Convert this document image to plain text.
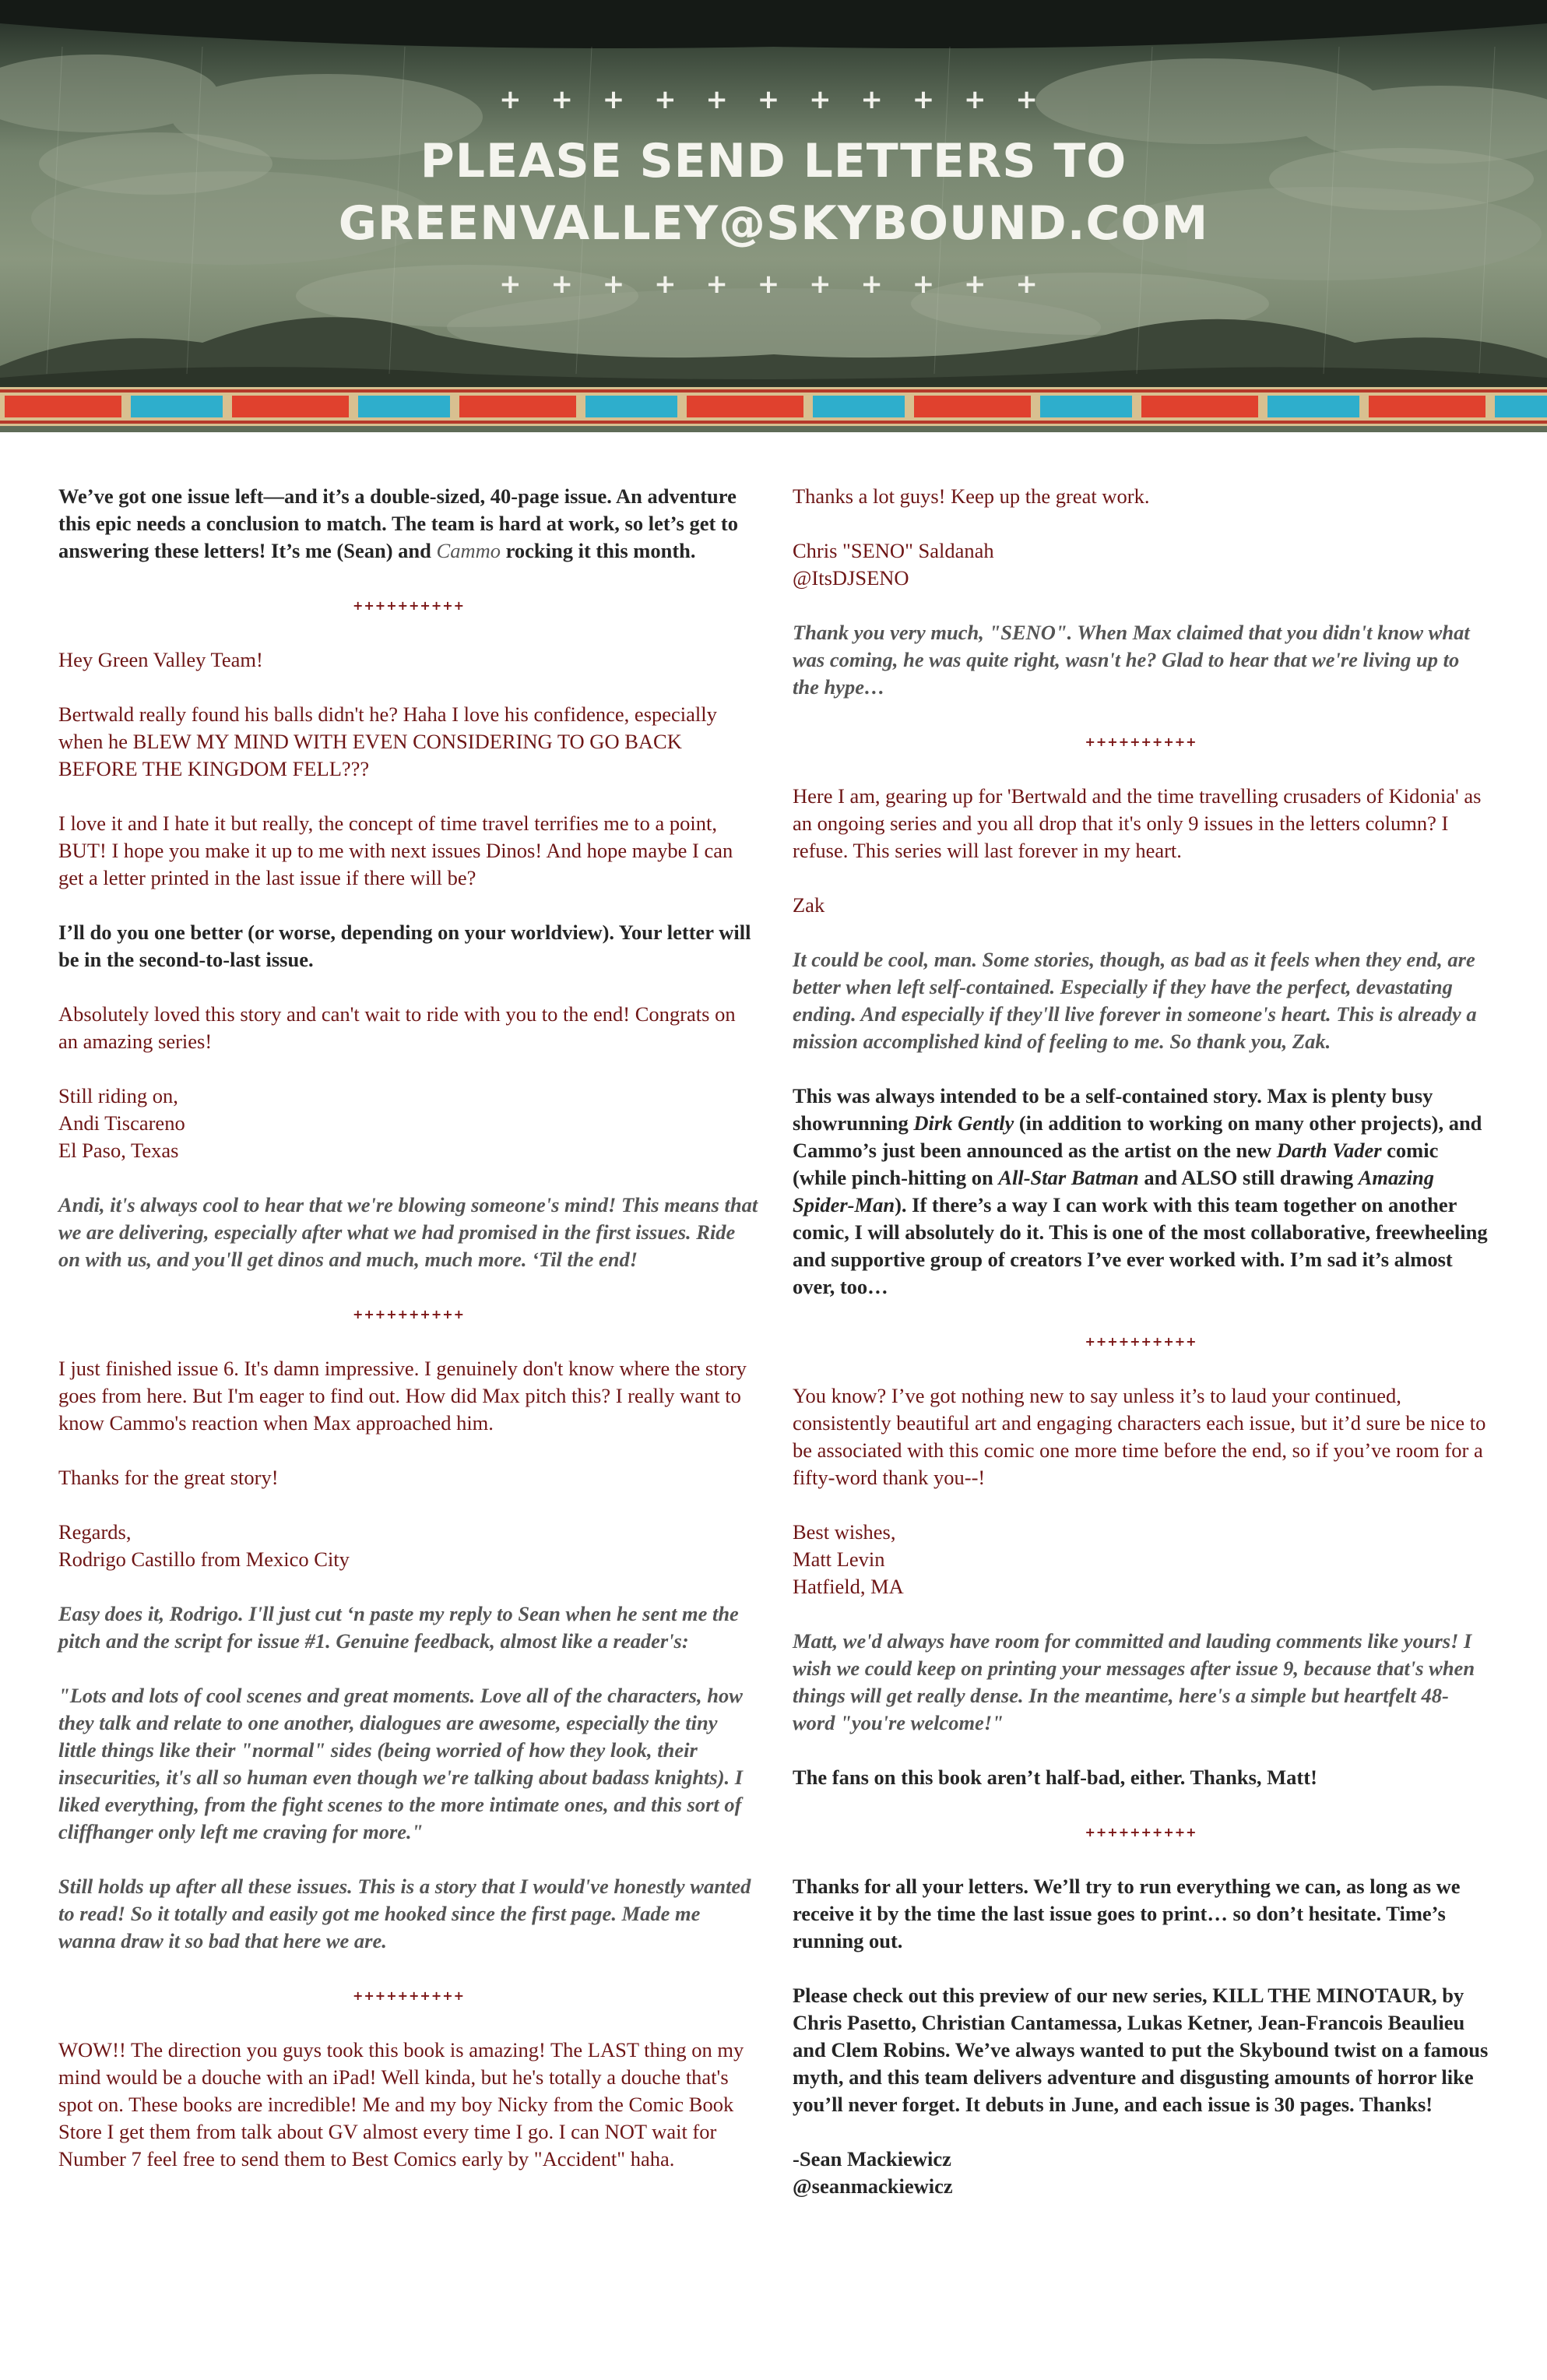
+ + + + + + + + + + +
PLEASE SEND LETTERS TO
GREENVALLEY@SKYBOUND.COM
+ + + + + + + + + + +

We’ve got one issue left—and it’s a double-sized, 40-page issue. An adventure this epic needs a conclusion to match. The team is hard at work, so let’s get to answering these letters! It’s me (Sean) and Cammo rocking it this month.

++++++++++

Hey Green Valley Team!

Bertwald really found his balls didn't he? Haha I love his confidence, especially when he BLEW MY MIND WITH EVEN CONSIDERING TO GO BACK BEFORE THE KINGDOM FELL???

I love it and I hate it but really, the concept of time travel terrifies me to a point, BUT! I hope you make it up to me with next issues Dinos! And hope maybe I can get a letter printed in the last issue if there will be?

I’ll do you one better (or worse, depending on your worldview). Your letter will be in the second-to-last issue.

Absolutely loved this story and can't wait to ride with you to the end! Congrats on an amazing series!

Still riding on,

Andi Tiscareno

El Paso, Texas

Andi, it's always cool to hear that we're blowing someone's mind! This means that we are delivering, especially after what we had promised in the first issues. Ride on with us, and you'll get dinos and much, much more. ‘Til the end!

++++++++++

I just finished issue 6. It's damn impressive. I genuinely don't know where the story goes from here. But I'm eager to find out. How did Max pitch this? I really want to know Cammo's reaction when Max approached him.

Thanks for the great story!

Regards,

Rodrigo Castillo from Mexico City

Easy does it, Rodrigo. I'll just cut ‘n paste my reply to Sean when he sent me the pitch and the script for issue #1. Genuine feedback, almost like a reader's:

"Lots and lots of cool scenes and great moments. Love all of the characters, how they talk and relate to one another, dialogues are awesome, especially the tiny little things like their "normal" sides (being worried of how they look, their insecurities, it's all so human even though we're talking about badass knights). I liked everything, from the fight scenes to the more intimate ones, and this sort of cliffhanger only left me craving for more."

Still holds up after all these issues. This is a story that I would've honestly wanted to read! So it totally and easily got me hooked since the first page. Made me wanna draw it so bad that here we are.

++++++++++

WOW!! The direction you guys took this book is amazing! The LAST thing on my mind would be a douche with an iPad! Well kinda, but he's totally a douche that's spot on. These books are incredible! Me and my boy Nicky from the Comic Book Store I get them from talk about GV almost every time I go. I can NOT wait for Number 7 feel free to send them to Best Comics early by "Accident" haha.

Thanks a lot guys! Keep up the great work.

Chris "SENO" Saldanah

@ItsDJSENO

Thank you very much, "SENO". When Max claimed that you didn't know what was coming, he was quite right, wasn't he? Glad to hear that we're living up to the hype…

++++++++++

Here I am, gearing up for 'Bertwald and the time travelling crusaders of Kidonia' as an ongoing series and you all drop that it's only 9 issues in the letters column? I refuse. This series will last forever in my heart.

Zak

It could be cool, man. Some stories, though, as bad as it feels when they end, are better when left self-contained. Especially if they have the perfect, devastating ending. And especially if they'll live forever in someone's heart. This is already a mission accomplished kind of feeling to me. So thank you, Zak.

This was always intended to be a self-contained story. Max is plenty busy showrunning Dirk Gently (in addition to working on many other projects), and Cammo’s just been announced as the artist on the new Darth Vader comic (while pinch-hitting on All-Star Batman and ALSO still drawing Amazing Spider-Man). If there’s a way I can work with this team together on another comic, I will absolutely do it. This is one of the most collaborative, freewheeling and supportive group of creators I’ve ever worked with. I’m sad it’s almost over, too…

++++++++++

You know? I’ve got nothing new to say unless it’s to laud your continued, consistently beautiful art and engaging characters each issue, but it’d sure be nice to be associated with this comic one more time before the end, so if you’ve room for a fifty-word thank you--!

Best wishes,

Matt Levin

Hatfield, MA

Matt, we'd always have room for committed and lauding comments like yours! I wish we could keep on printing your messages after issue 9, because that's when things will get really dense. In the meantime, here's a simple but heartfelt 48-word "you're welcome!"

The fans on this book aren’t half-bad, either. Thanks, Matt!

++++++++++

Thanks for all your letters. We’ll try to run everything we can, as long as we receive it by the time the last issue goes to print… so don’t hesitate. Time’s running out.

Please check out this preview of our new series, KILL THE MINOTAUR, by Chris Pasetto, Christian Cantamessa, Lukas Ketner, Jean-Francois Beaulieu and Clem Robins. We’ve always wanted to put the Skybound twist on a famous myth, and this team delivers adventure and disgusting amounts of horror like you’ll never forget. It debuts in June, and each issue is 30 pages. Thanks!

-Sean Mackiewicz

@seanmackiewicz
